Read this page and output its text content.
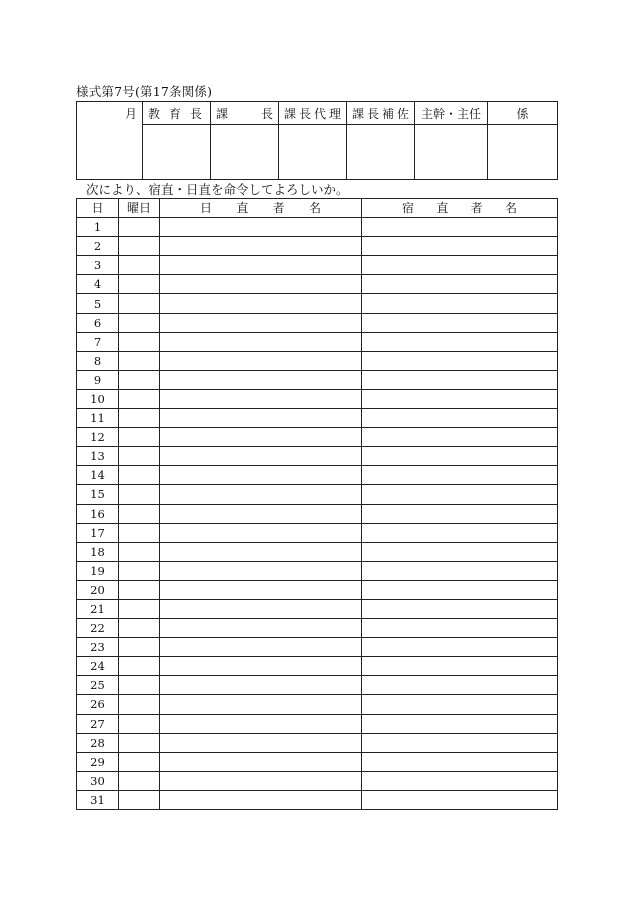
様式第7号(第17条関係)
月	教 育 長	課 長	課 長 代 理	課 長 補 佐	主幹・主任	係

次により、宿直・日直を命令してよろしいか。
日	曜日	日 直 者 名	宿 直 者 名

1			
2			
3			
4			
5			
6			
7			
8			
9			
10			
11			
12			
13			
14			
15			
16			
17			
18			
19			
20			
21			
22			
23			
24			
25			
26			
27			
28			
29			
30			
31			
